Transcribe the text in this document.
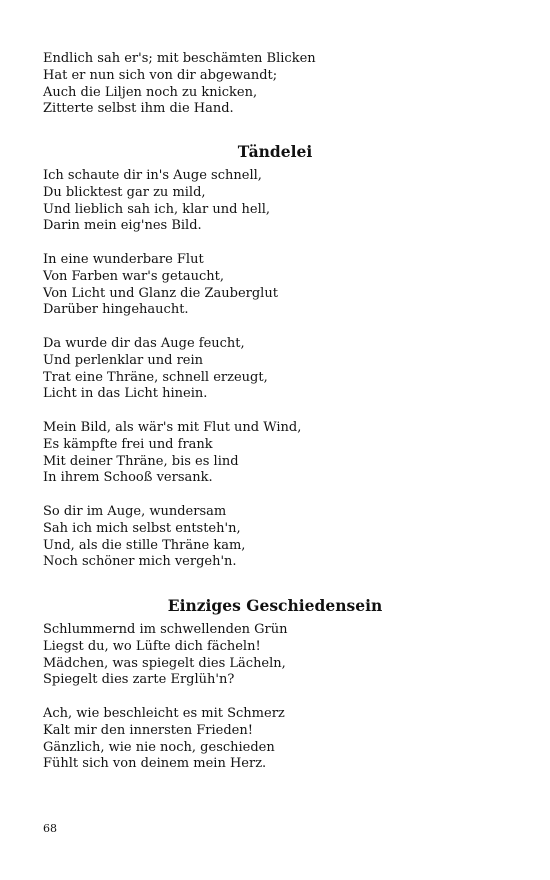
Endlich sah er's; mit beschämten Blicken
Hat er nun sich von dir abgewandt;
Auch die Liljen noch zu knicken,
Zitterte selbst ihm die Hand.
Tändelei
Ich schaute dir in's Auge schnell,
Du blicktest gar zu mild,
Und lieblich sah ich, klar und hell,
Darin mein eig'nes Bild.
In eine wunderbare Flut
Von Farben war's getaucht,
Von Licht und Glanz die Zauberglut
Darüber hingehaucht.
Da wurde dir das Auge feucht,
Und perlenklar und rein
Trat eine Thräne, schnell erzeugt,
Licht in das Licht hinein.
Mein Bild, als wär's mit Flut und Wind,
Es kämpfte frei und frank
Mit deiner Thräne, bis es lind
In ihrem Schooß versank.
So dir im Auge, wundersam
Sah ich mich selbst entsteh'n,
Und, als die stille Thräne kam,
Noch schöner mich vergeh'n.
Einziges Geschiedensein
Schlummernd im schwellenden Grün
Liegst du, wo Lüfte dich fächeln!
Mädchen, was spiegelt dies Lächeln,
Spiegelt dies zarte Erglüh'n?
Ach, wie beschleicht es mit Schmerz
Kalt mir den innersten Frieden!
Gänzlich, wie nie noch, geschieden
Fühlt sich von deinem mein Herz.
68
